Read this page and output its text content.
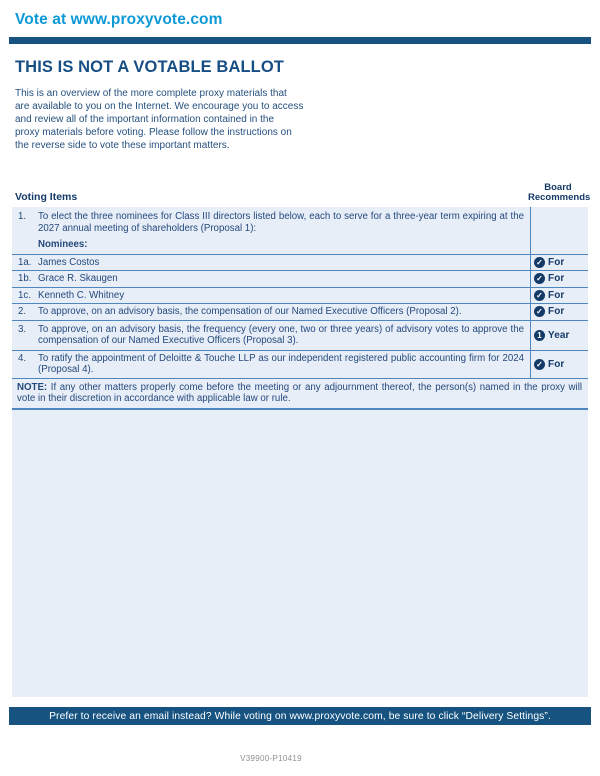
Vote at www.proxyvote.com
THIS IS NOT A VOTABLE BALLOT
This is an overview of the more complete proxy materials that
are available to you on the Internet. We encourage you to access
and review all of the important information contained in the
proxy materials before voting. Please follow the instructions on
the reverse side to vote these important matters.
Voting Items
Board
Recommends
1.	To elect the three nominees for Class III directors listed below, each to serve for a three-year term expiring at the 2027 annual meeting of shareholders (Proposal 1):
Nominees:
1a. James Costos	✓ For
1b. Grace R. Skaugen	✓ For
1c. Kenneth C. Whitney	✓ For
2.	To approve, on an advisory basis, the compensation of our Named Executive Officers (Proposal 2).	✓ For
3.	To approve, on an advisory basis, the frequency (every one, two or three years) of advisory votes to approve the compensation of our Named Executive Officers (Proposal 3).	1 Year
4.	To ratify the appointment of Deloitte & Touche LLP as our independent registered public accounting firm for 2024 (Proposal 4).	✓ For
NOTE: If any other matters properly come before the meeting or any adjournment thereof, the person(s) named in the proxy will vote in their discretion in accordance with applicable law or rule.
Prefer to receive an email instead? While voting on www.proxyvote.com, be sure to click “Delivery Settings”.
V39900-P10419
